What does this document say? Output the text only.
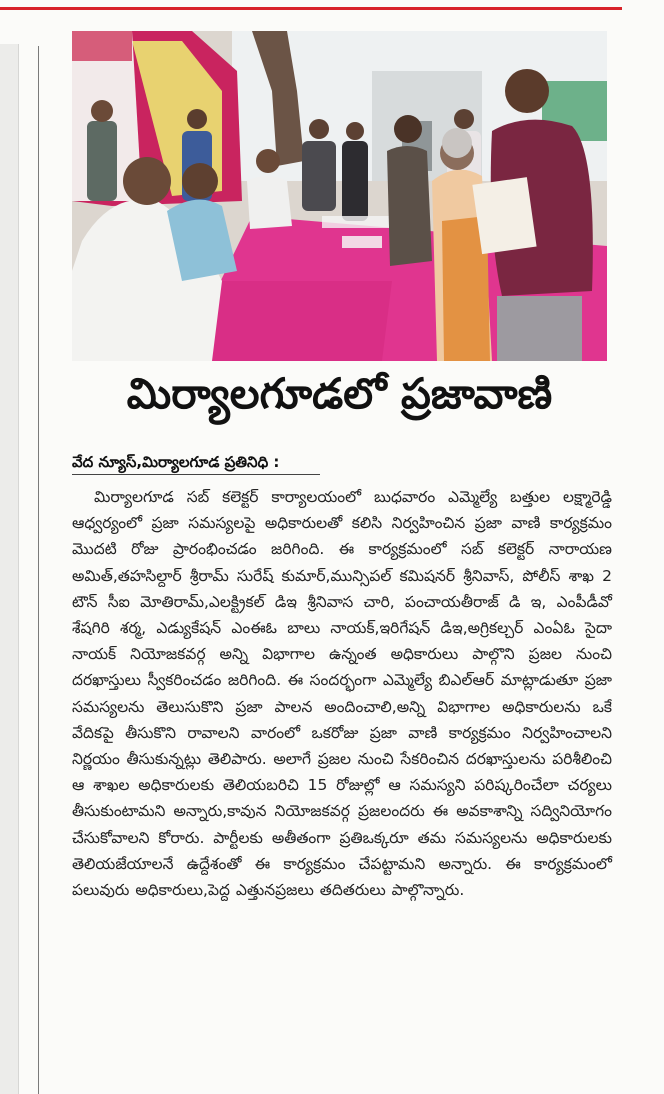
మిర్యాలగూడలో ప్రజావాణి

వేద న్యూస్,మిర్యాలగూడ ప్రతినిధి :

మిర్యాలగూడ సబ్ కలెక్టర్ కార్యాలయంలో బుధవారం ఎమ్మెల్యే బత్తుల లక్ష్మారెడ్డి ఆధ్వర్యంలో ప్రజా సమస్యలపై అధికారులతో కలిసి నిర్వహించిన ప్రజా వాణి కార్యక్రమం మొదటి రోజు ప్రారంభించడం జరిగింది. ఈ కార్యక్రమంలో సబ్ కలెక్టర్ నారాయణ అమిత్,తహసిల్దార్ శ్రీరామ్ సురేష్ కుమార్,మున్సిపల్ కమిషనర్ శ్రీనివాస్, పోలీస్ శాఖ 2 టౌన్ సీఐ మోతిరామ్,ఎలక్ట్రికల్ డిఇ శ్రీనివాస చారి, పంచాయతీరాజ్ డి ఇ, ఎంపీడీవో శేషగిరి శర్మ, ఎడ్యుకేషన్ ఎంఈఓ బాలు నాయక్,ఇరిగేషన్ డిఇ,అగ్రికల్చర్ ఎంఏఓ సైదా నాయక్ నియోజకవర్గ అన్ని విభాగాల ఉన్నంత అధికారులు పాల్గొని ప్రజల నుంచి దరఖాస్తులు స్వీకరించడం జరిగింది. ఈ సందర్భంగా ఎమ్మెల్యే బిఎల్ఆర్ మాట్లాడుతూ ప్రజా సమస్యలను తెలుసుకొని ప్రజా పాలన అందించాలి,అన్ని విభాగాల అధికారులను ఒకే వేదికపై తీసుకొని రావాలని వారంలో ఒకరోజు ప్రజా వాణి కార్యక్రమం నిర్వహించాలని నిర్ణయం తీసుకున్నట్లు తెలిపారు. అలాగే ప్రజల నుంచి సేకరించిన దరఖాస్తులను పరిశీలించి ఆ శాఖల అధికారులకు తెలియబరిచి 15 రోజుల్లో ఆ సమస్యని పరిష్కరించేలా చర్యలు తీసుకుంటామని అన్నారు,కావున నియోజకవర్గ ప్రజలందరు ఈ అవకాశాన్ని సద్వినియోగం చేసుకోవాలని కోరారు. పార్టీలకు అతీతంగా ప్రతిఒక్కరూ తమ సమస్యలను అధికారులకు తెలియజేయాలనే ఉద్దేశంతో ఈ కార్యక్రమం చేపట్టామని అన్నారు. ఈ కార్యక్రమంలో పలువురు అధికారులు,పెద్ద ఎత్తునప్రజలు తదితరులు పాల్గొన్నారు.
